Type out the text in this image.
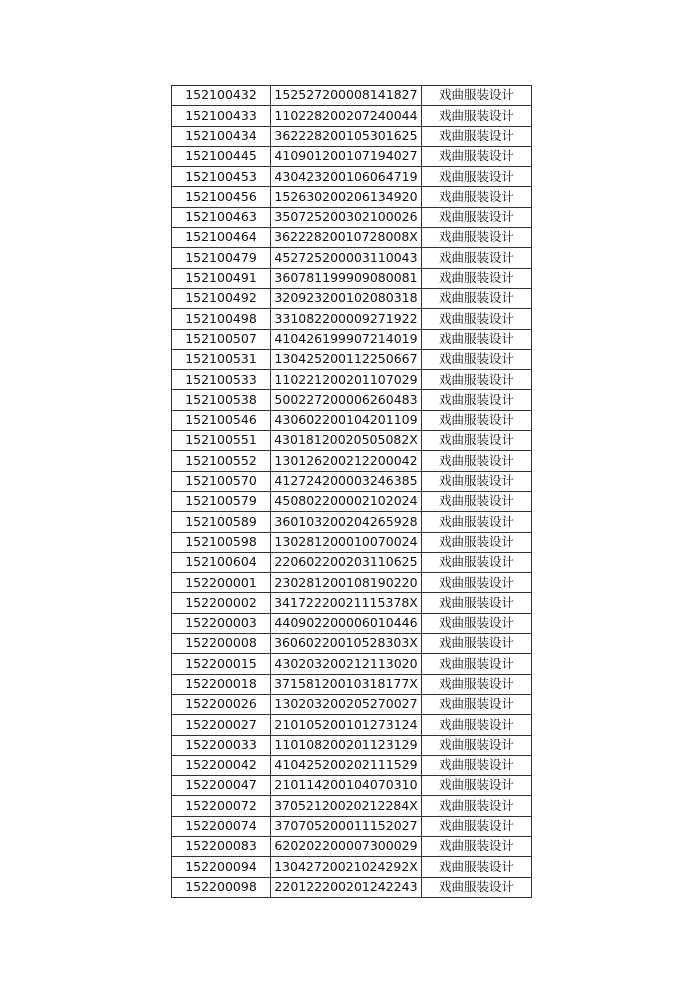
152100432	152527200008141827	戏曲服装设计
152100433	110228200207240044	戏曲服装设计
152100434	362228200105301625	戏曲服装设计
152100445	410901200107194027	戏曲服装设计
152100453	430423200106064719	戏曲服装设计
152100456	152630200206134920	戏曲服装设计
152100463	350725200302100026	戏曲服装设计
152100464	36222820010728008X	戏曲服装设计
152100479	452725200003110043	戏曲服装设计
152100491	360781199909080081	戏曲服装设计
152100492	320923200102080318	戏曲服装设计
152100498	331082200009271922	戏曲服装设计
152100507	410426199907214019	戏曲服装设计
152100531	130425200112250667	戏曲服装设计
152100533	110221200201107029	戏曲服装设计
152100538	500227200006260483	戏曲服装设计
152100546	430602200104201109	戏曲服装设计
152100551	43018120020505082X	戏曲服装设计
152100552	130126200212200042	戏曲服装设计
152100570	412724200003246385	戏曲服装设计
152100579	450802200002102024	戏曲服装设计
152100589	360103200204265928	戏曲服装设计
152100598	130281200010070024	戏曲服装设计
152100604	220602200203110625	戏曲服装设计
152200001	230281200108190220	戏曲服装设计
152200002	34172220021115378X	戏曲服装设计
152200003	440902200006010446	戏曲服装设计
152200008	36060220010528303X	戏曲服装设计
152200015	430203200212113020	戏曲服装设计
152200018	37158120010318177X	戏曲服装设计
152200026	130203200205270027	戏曲服装设计
152200027	210105200101273124	戏曲服装设计
152200033	110108200201123129	戏曲服装设计
152200042	410425200202111529	戏曲服装设计
152200047	210114200104070310	戏曲服装设计
152200072	37052120020212284X	戏曲服装设计
152200074	370705200011152027	戏曲服装设计
152200083	620202200007300029	戏曲服装设计
152200094	13042720021024292X	戏曲服装设计
152200098	220122200201242243	戏曲服装设计
